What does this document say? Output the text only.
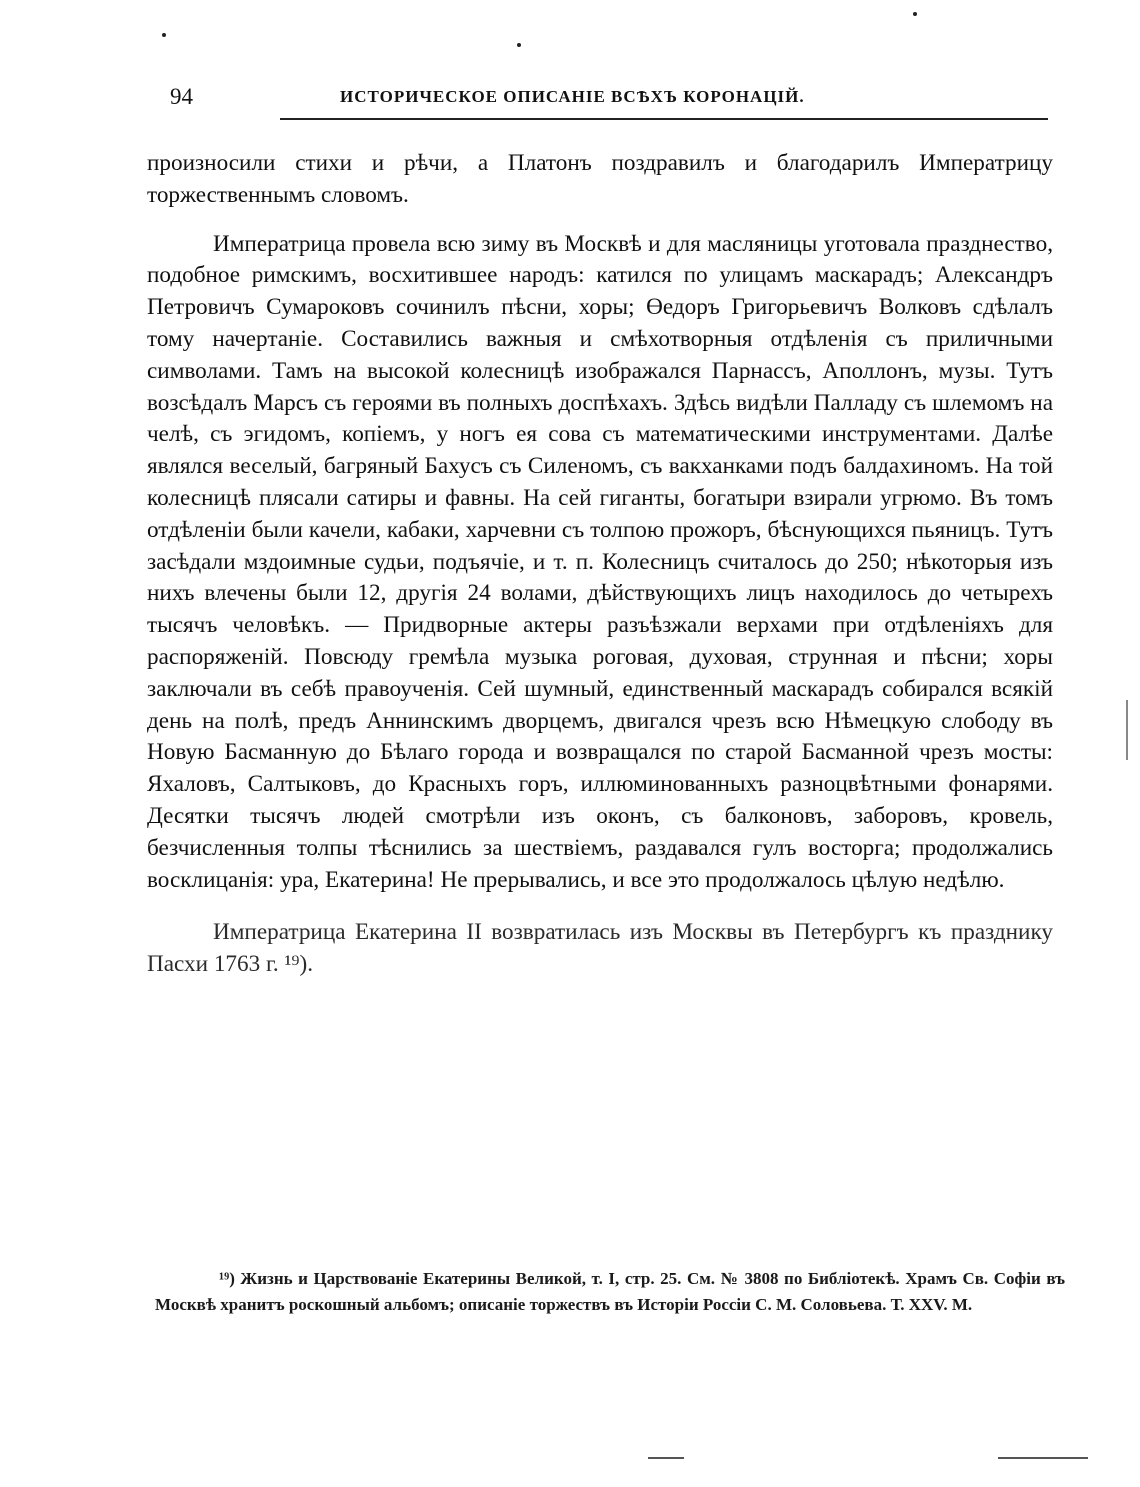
94	ИСТОРИЧЕСКОЕ ОПИСАНІЕ ВСѢХЪ КОРОНАЦІЙ.

произносили стихи и рѣчи, а Платонъ поздравилъ и благодарилъ Императрицу торжественнымъ словомъ.

Императрица провела всю зиму въ Москвѣ и для масляницы уготовала празднество, подобное римскимъ, восхитившее народъ: катился по улицамъ маскарадъ; Александръ Петровичъ Сумароковъ сочинилъ пѣсни, хоры; Өедоръ Григорьевичъ Волковъ сдѣлалъ тому начертаніе. Составились важныя и смѣхотворныя отдѣленія съ приличными символами. Тамъ на высокой колесницѣ изображался Парнассъ, Аполлонъ, музы. Тутъ возсѣдалъ Марсъ съ героями въ полныхъ доспѣхахъ. Здѣсь видѣли Палладу съ шлемомъ на челѣ, съ эгидомъ, копіемъ, у ногъ ея сова съ математическими инструментами. Далѣе являлся веселый, багряный Бахусъ съ Силеномъ, съ вакханками подъ балдахиномъ. На той колесницѣ плясали сатиры и фавны. На сей гиганты, богатыри взирали угрюмо. Въ томъ отдѣленіи были качели, кабаки, харчевни съ толпою прожоръ, бѣснующихся пьяницъ. Тутъ засѣдали мздоимные судьи, подъячіе, и т. п. Колесницъ считалось до 250; нѣкоторыя изъ нихъ влечены были 12, другія 24 волами, дѣйствующихъ лицъ находилось до четырехъ тысячъ человѣкъ. — Придворные актеры разъѣзжали верхами при отдѣленіяхъ для распоряженій. Повсюду гремѣла музыка роговая, духовая, струнная и пѣсни; хоры заключали въ себѣ правоученія. Сей шумный, единственный маскарадъ собирался всякій день на полѣ, предъ Аннинскимъ дворцемъ, двигался чрезъ всю Нѣмецкую слободу въ Новую Басманную до Бѣлаго города и возвращался по старой Басманной чрезъ мосты: Яхаловъ, Салтыковъ, до Красныхъ горъ, иллюминованныхъ разноцвѣтными фонарями. Десятки тысячъ людей смотрѣли изъ оконъ, съ балконовъ, заборовъ, кровель, безчисленныя толпы тѣснились за шествіемъ, раздавался гулъ восторга; продолжались восклицанія: ура, Екатерина! Не прерывались, и все это продолжалось цѣлую недѣлю.

Императрица Екатерина II возвратилась изъ Москвы въ Петербургъ къ празднику Пасхи 1763 г. ¹⁹).

¹⁹) Жизнь и Царствованіе Екатерины Великой, т. I, стр. 25. См. № 3808 по Библіотекѣ. Храмъ Св. Софіи въ Москвѣ хранитъ роскошный альбомъ; описаніе торжествъ въ Исторіи Россіи С. М. Соловьева. Т. XXV. М.
